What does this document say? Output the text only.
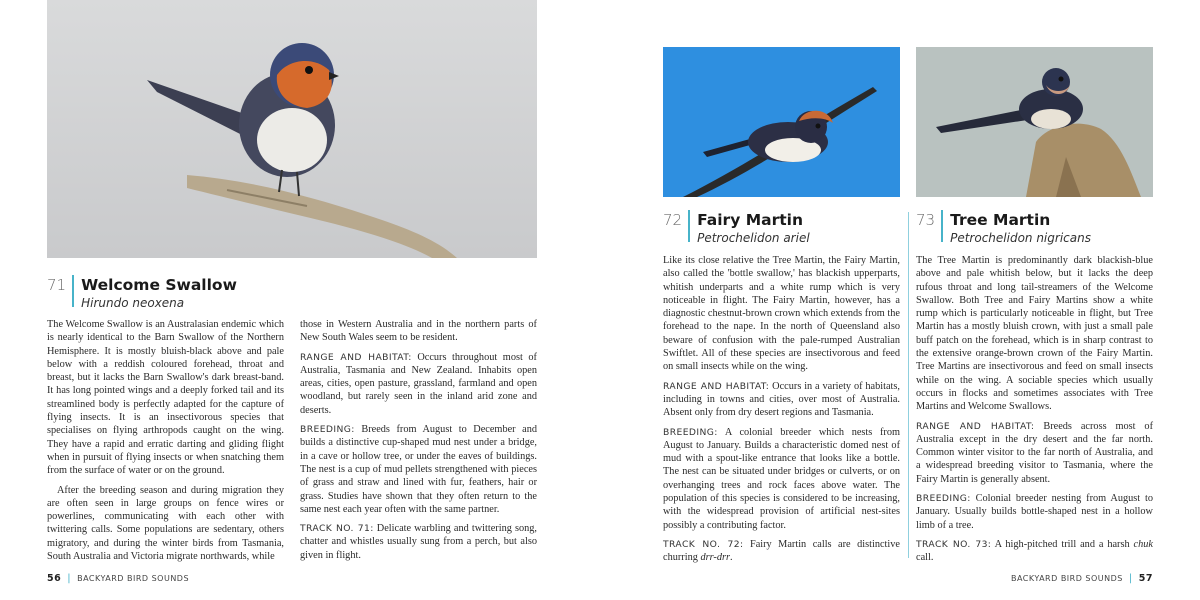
71 Welcome Swallow
Hirundo neoxena

The Welcome Swallow is an Australasian endemic which is nearly identical to the Barn Swallow of the Northern Hemisphere. It is mostly bluish-black above and pale below with a reddish coloured forehead, throat and breast, but it lacks the Barn Swallow's dark breast-band. It has long pointed wings and a deeply forked tail and its streamlined body is perfectly adapted for the capture of flying insects. It is an insectivorous species that specialises on flying arthropods caught on the wing. They have a rapid and erratic darting and gliding flight when in pursuit of flying insects or when snatching them from the surface of water or on the ground.

After the breeding season and during migration they are often seen in large groups on fence wires or powerlines, communicating with each other with twittering calls. Some populations are sedentary, others migratory, and during the winter birds from Tasmania, South Australia and Victoria migrate northwards, while

those in Western Australia and in the northern parts of New South Wales seem to be resident.

RANGE AND HABITAT: Occurs throughout most of Australia, Tasmania and New Zealand. Inhabits open areas, cities, open pasture, grassland, farmland and open woodland, but rarely seen in the inland arid zone and deserts.

BREEDING: Breeds from August to December and builds a distinctive cup-shaped mud nest under a bridge, in a cave or hollow tree, or under the eaves of buildings. The nest is a cup of mud pellets strengthened with pieces of grass and straw and lined with fur, feathers, hair or grass. Studies have shown that they often return to the same nest each year often with the same partner.

TRACK NO. 71: Delicate warbling and twittering song, chatter and whistles usually sung from a perch, but also given in flight.

56 | BACKYARD BIRD SOUNDS
72 Fairy Martin
Petrochelidon ariel

Like its close relative the Tree Martin, the Fairy Martin, also called the 'bottle swallow,' has blackish upperparts, whitish underparts and a white rump which is very noticeable in flight. The Fairy Martin, however, has a diagnostic chestnut-brown crown which extends from the forehead to the nape. In the north of Queensland also beware of confusion with the pale-rumped Australian Swiftlet. All of these species are insectivorous and feed on small insects while on the wing.

RANGE AND HABITAT: Occurs in a variety of habitats, including in towns and cities, over most of Australia. Absent only from dry desert regions and Tasmania.

BREEDING: A colonial breeder which nests from August to January. Builds a characteristic domed nest of mud with a spout-like entrance that looks like a bottle. The nest can be situated under bridges or culverts, or on overhanging trees and rock faces above water. The population of this species is considered to be increasing, with the widespread provision of artificial nest-sites possibly a contributing factor.

TRACK NO. 72: Fairy Martin calls are distinctive churring drr-drr.

73 Tree Martin
Petrochelidon nigricans

The Tree Martin is predominantly dark blackish-blue above and pale whitish below, but it lacks the deep rufous throat and long tail-streamers of the Welcome Swallow. Both Tree and Fairy Martins show a white rump which is particularly noticeable in flight, but Tree Martin has a mostly bluish crown, with just a small pale buff patch on the forehead, which is in sharp contrast to the extensive orange-brown crown of the Fairy Martin. Tree Martins are insectivorous and feed on small insects while on the wing. A sociable species which usually occurs in flocks and sometimes associates with Tree Martins and Welcome Swallows.

RANGE AND HABITAT: Breeds across most of Australia except in the dry desert and the far north. Common winter visitor to the far north of Australia, and a widespread breeding visitor to Tasmania, where the Fairy Martin is generally absent.

BREEDING: Colonial breeder nesting from August to January. Usually builds bottle-shaped nest in a hollow limb of a tree.

TRACK NO. 73: A high-pitched trill and a harsh chuk call.

BACKYARD BIRD SOUNDS | 57
